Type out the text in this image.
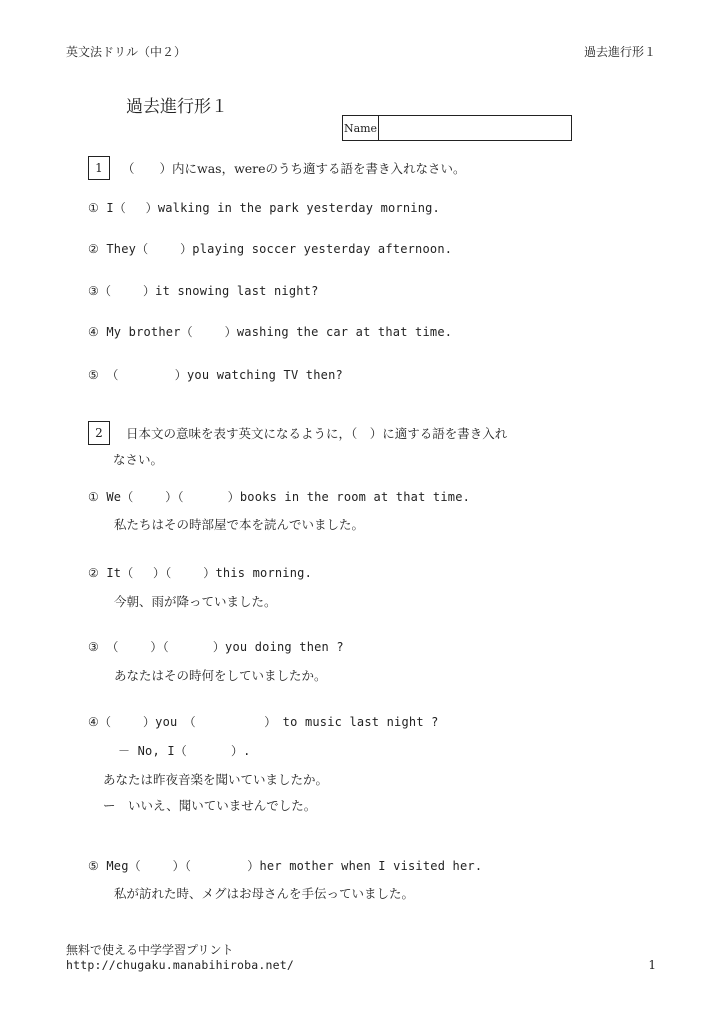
英文法ドリル（中２）	過去進行形１
過去進行形１
Name
1	（　　）内にwas，wereのうち適する語を書き入れなさい。
① I（　 ）walking in the park yesterday morning.
② They（　　 ）playing soccer yesterday afternoon.
③（　　 ）it snowing last night?
④ My brother（　　 ）washing the car at that time.
⑤ （　　　　 ）you watching TV then?
2	日本文の意味を表す英文になるように，（　）に適する語を書き入れ
なさい。
① We（　　 ）（　　　 ）books in the room at that time.
私たちはその時部屋で本を読んでいました。
② It（　 ）（　　 ）this morning.
今朝、雨が降っていました。
③ （　　 ）（　　　 ）you doing then ?
あなたはその時何をしていましたか。
④（　　 ）you　（　　　　　 ）　to music last night ?
－ No, I（　　　 ）.
あなたは昨夜音楽を聞いていましたか。
ー　いいえ、聞いていませんでした。
⑤ Meg（　　 ）（　　　　 ）her mother when I visited her.
私が訪れた時、メグはお母さんを手伝っていました。
無料で使える中学学習プリント
http://chugaku.manabihiroba.net/	1
